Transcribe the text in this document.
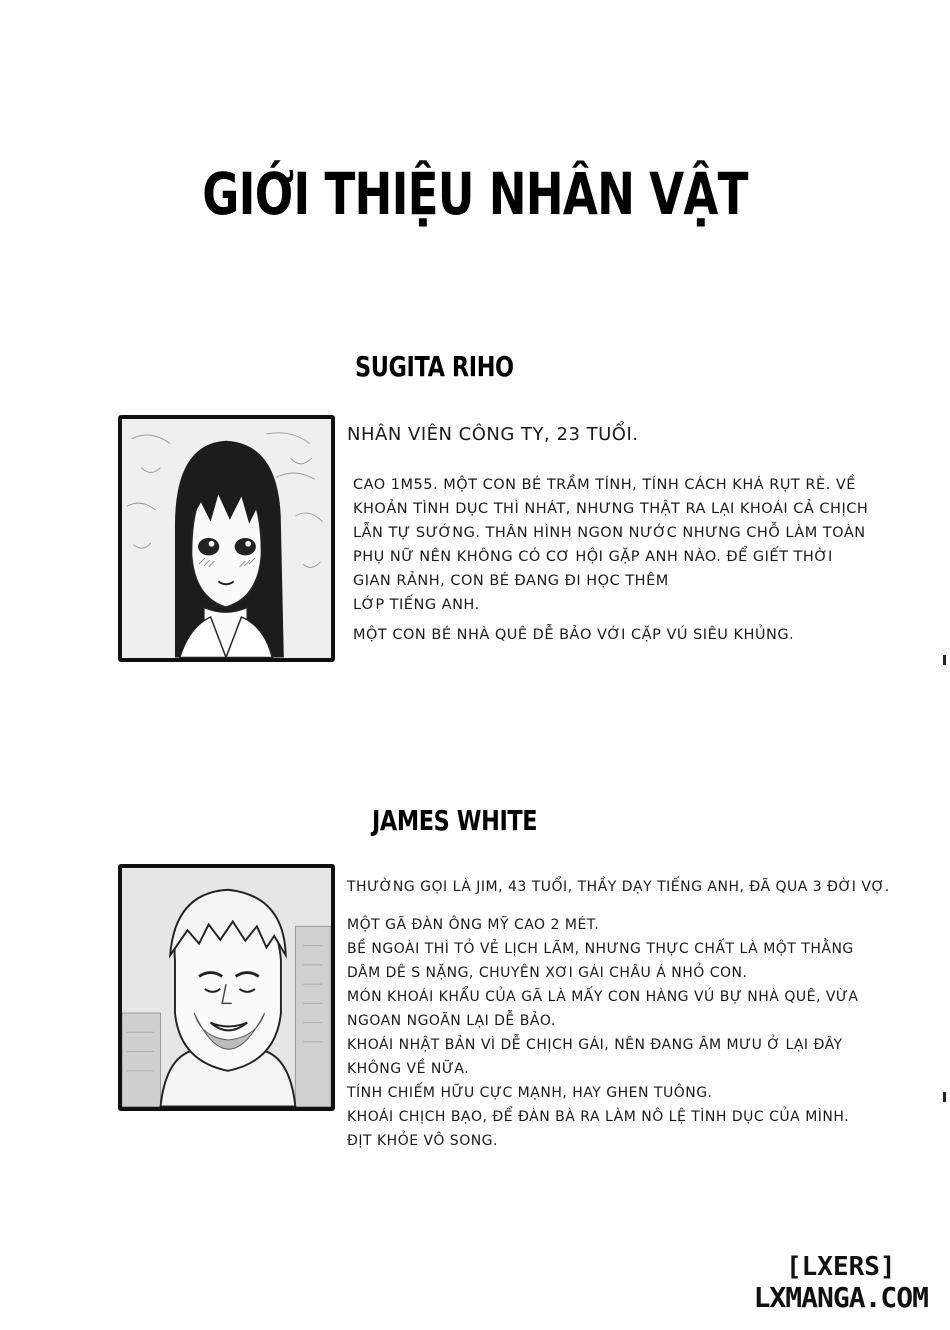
GIỚI THIỆU NHÂN VẬT
SUGITA RIHO

NHÂN VIÊN CÔNG TY, 23 TUỔI.

CAO 1M55. MỘT CON BÉ TRẦM TÍNH, TÍNH CÁCH KHÁ RỤT RÈ. VỀ

KHOẢN TÌNH DỤC THÌ NHÁT, NHƯNG THẬT RA LẠI KHOÁI CẢ CHỊCH

LẪN TỰ SƯỚNG. THÂN HÌNH NGON NƯỚC NHƯNG CHỖ LÀM TOÀN

PHỤ NỮ NÊN KHÔNG CÓ CƠ HỘI GẶP ANH NÀO. ĐỂ GIẾT THỜI

GIAN RẢNH, CON BÉ ĐANG ĐI HỌC THÊM

LỚP TIẾNG ANH.

MỘT CON BÉ NHÀ QUÊ DỄ BẢO VỚI CẶP VÚ SIÊU KHỦNG.

JAMES WHITE

THƯỜNG GỌI LÀ JIM, 43 TUỔI, THẦY DẠY TIẾNG ANH, ĐÃ QUA 3 ĐỜI VỢ.

MỘT GÃ ĐÀN ÔNG MỸ CAO 2 MÉT.

BỀ NGOÀI THÌ TỎ VẺ LỊCH LÃM, NHƯNG THỰC CHẤT LÀ MỘT THẰNG

DÂM DÊ S NẶNG, CHUYÊN XƠI GÁI CHÂU Á NHỎ CON.

MÓN KHOÁI KHẨU CỦA GÃ LÀ MẤY CON HÀNG VÚ BỰ NHÀ QUÊ, VỪA

NGOAN NGOÃN LẠI DỄ BẢO.

KHOÁI NHẬT BẢN VÌ DỄ CHỊCH GÁI, NÊN ĐANG ÂM MƯU Ở LẠI ĐÂY

KHÔNG VỀ NỮA.

TÍNH CHIẾM HỮU CỰC MẠNH, HAY GHEN TUÔNG.

KHOÁI CHỊCH BẠO, ĐỂ ĐÀN BÀ RA LÀM NÔ LỆ TÌNH DỤC CỦA MÌNH.

ĐỊT KHỎE VÔ SONG.

[LXERS]
LXMANGA.COM
